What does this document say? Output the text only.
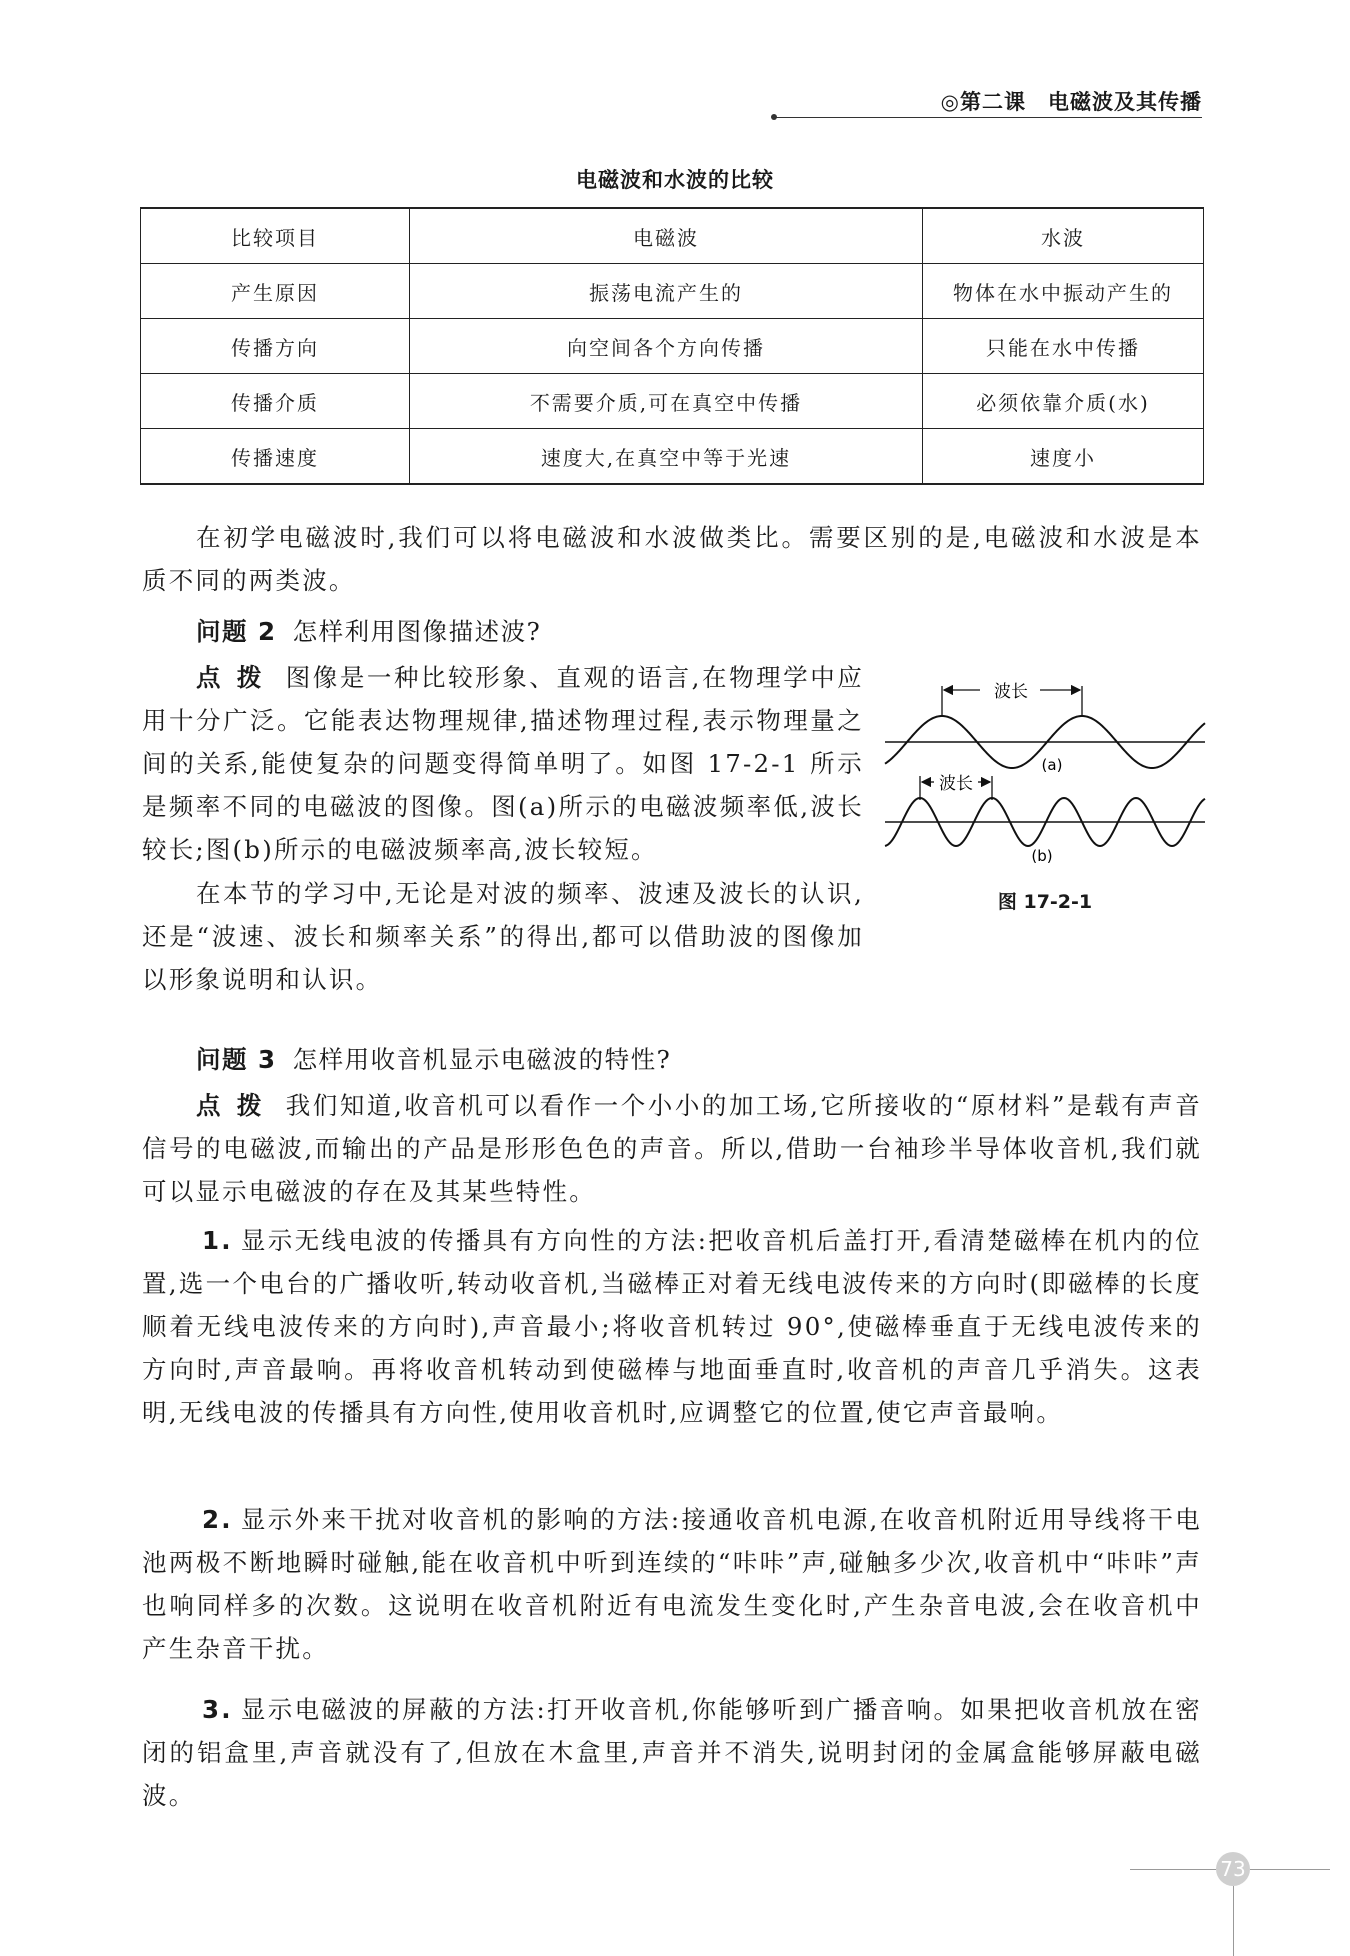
◎第二课　电磁波及其传播
电磁波和水波的比较
比较项目	电磁波	水波
产生原因	振荡电流产生的	物体在水中振动产生的
传播方向	向空间各个方向传播	只能在水中传播
传播介质	不需要介质,可在真空中传播	必须依靠介质(水)
传播速度	速度大,在真空中等于光速	速度小

在初学电磁波时,我们可以将电磁波和水波做类比。需要区别的是,电磁波和水波是本质不同的两类波。

问题 2 怎样利用图像描述波?

点拨 图像是一种比较形象、直观的语言,在物理学中应用十分广泛。它能表达物理规律,描述物理过程,表示物理量之间的关系,能使复杂的问题变得简单明了。如图 17-2-1 所示是频率不同的电磁波的图像。图(a)所示的电磁波频率低,波长较长;图(b)所示的电磁波频率高,波长较短。

在本节的学习中,无论是对波的频率、波速及波长的认识,还是“波速、波长和频率关系”的得出,都可以借助波的图像加以形象说明和认识。

波长
(a)
波长
(b)
图 17-2-1

问题 3 怎样用收音机显示电磁波的特性?

点拨 我们知道,收音机可以看作一个小小的加工场,它所接收的“原材料”是载有声音信号的电磁波,而输出的产品是形形色色的声音。所以,借助一台袖珍半导体收音机,我们就可以显示电磁波的存在及其某些特性。

1. 显示无线电波的传播具有方向性的方法:把收音机后盖打开,看清楚磁棒在机内的位置,选一个电台的广播收听,转动收音机,当磁棒正对着无线电波传来的方向时(即磁棒的长度顺着无线电波传来的方向时),声音最小;将收音机转过 90°,使磁棒垂直于无线电波传来的方向时,声音最响。再将收音机转动到使磁棒与地面垂直时,收音机的声音几乎消失。这表明,无线电波的传播具有方向性,使用收音机时,应调整它的位置,使它声音最响。

2. 显示外来干扰对收音机的影响的方法:接通收音机电源,在收音机附近用导线将干电池两极不断地瞬时碰触,能在收音机中听到连续的“咔咔”声,碰触多少次,收音机中“咔咔”声也响同样多的次数。这说明在收音机附近有电流发生变化时,产生杂音电波,会在收音机中产生杂音干扰。

3. 显示电磁波的屏蔽的方法:打开收音机,你能够听到广播音响。如果把收音机放在密闭的铝盒里,声音就没有了,但放在木盒里,声音并不消失,说明封闭的金属盒能够屏蔽电磁波。

73
